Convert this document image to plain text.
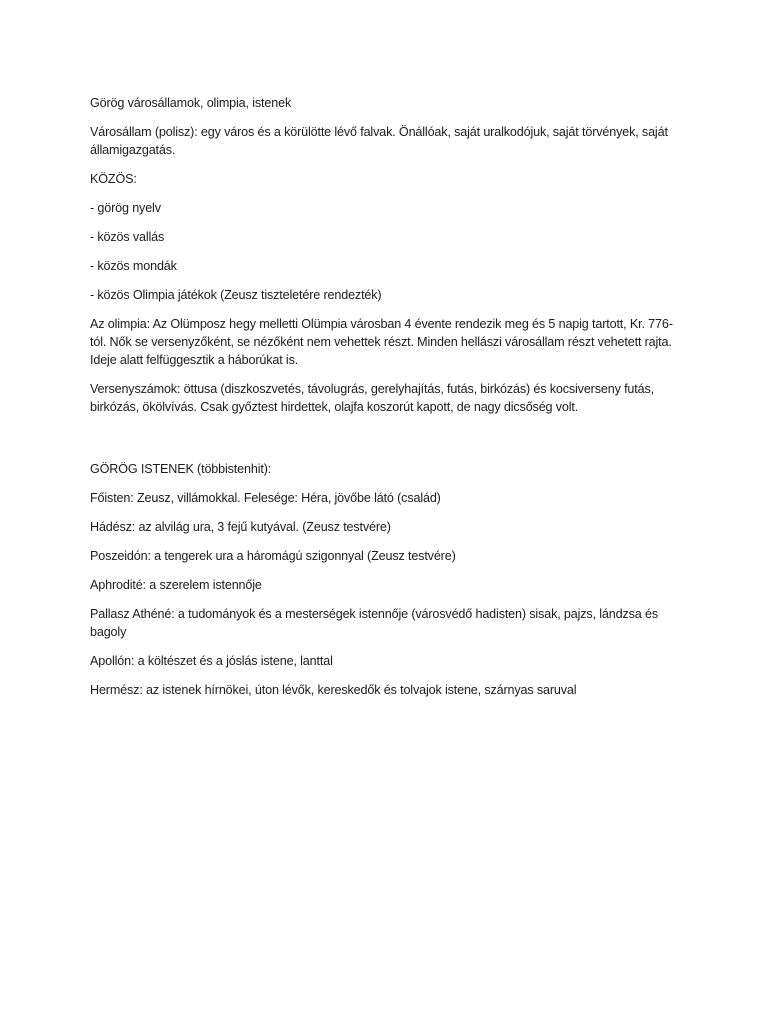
Görög városállamok, olimpia, istenek

Városállam (polisz): egy város és a körülötte lévő falvak. Önállóak, saját uralkodójuk, saját törvények, saját államigazgatás.

KÖZÖS:

- görög nyelv

- közös vallás

- közös mondák

- közös Olimpia játékok (Zeusz tiszteletére rendezték)

Az olimpia: Az Olümposz hegy melletti Olümpia városban 4 évente rendezik meg és 5 napig tartott, Kr. 776-tól. Nők se versenyzőként, se nézőként nem vehettek részt. Minden hellászi városállam részt vehetett rajta. Ideje alatt felfüggesztik a háborúkat is.

Versenyszámok: öttusa (diszkoszvetés, távolugrás, gerelyhajítás, futás, birkózás) és kocsiverseny futás, birkózás, ökölvívás. Csak győztest hirdettek, olajfa koszorút kapott, de nagy dicsőség volt.

GÖRÖG ISTENEK (többistenhit):

Főisten: Zeusz, villámokkal. Felesége: Héra, jövőbe látó (család)

Hádész: az alvilág ura, 3 fejű kutyával. (Zeusz testvére)

Poszeidón: a tengerek ura a háromágú szigonnyal (Zeusz testvére)

Aphrodité: a szerelem istennője

Pallasz Athéné: a tudományok és a mesterségek istennője (városvédő hadisten) sisak, pajzs, lándzsa és bagoly

Apollón: a költészet és a jóslás istene, lanttal

Hermész: az istenek hírnökei, úton lévők, kereskedők és tolvajok istene, szárnyas saruval
